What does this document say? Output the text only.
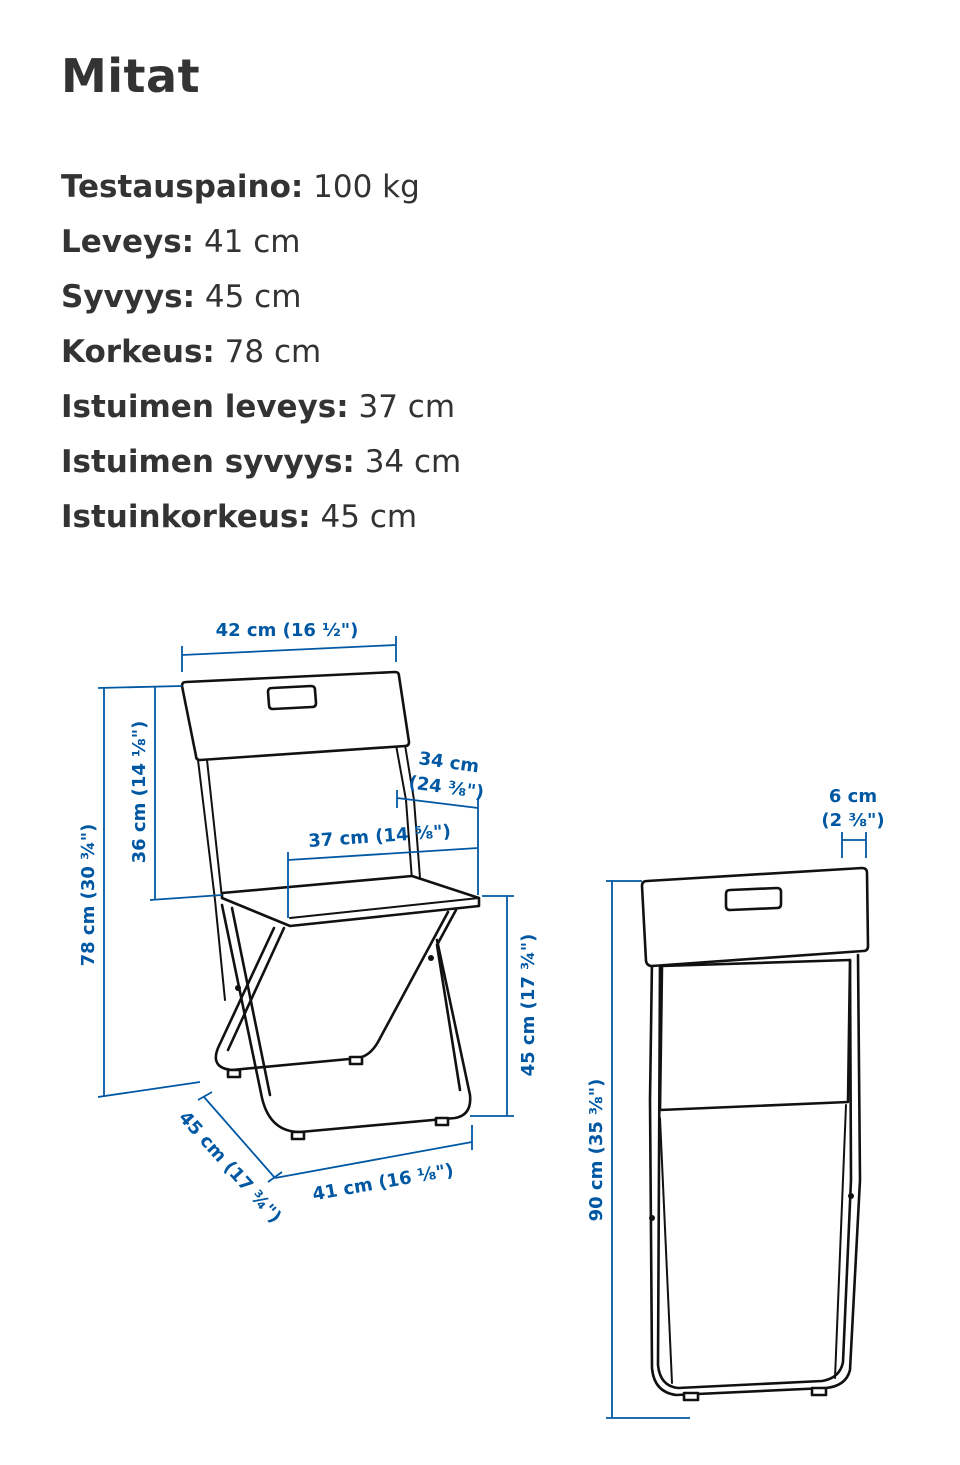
Mitat
Testauspaino: 100 kg
Leveys: 41 cm
Syvyys: 45 cm
Korkeus: 78 cm
Istuimen leveys: 37 cm
Istuimen syvyys: 34 cm
Istuinkorkeus: 45 cm
42 cm (16 ½")
78 cm (30 ¾")
36 cm (14 ⅛")	34 cm
(24 ⅜")
37 cm (14 ⅝")
45 cm (17 ¾")
45 cm (17 ¾") 41 cm (16 ⅛")
6 cm
(2 ⅜")
90 cm (35 ⅜")
